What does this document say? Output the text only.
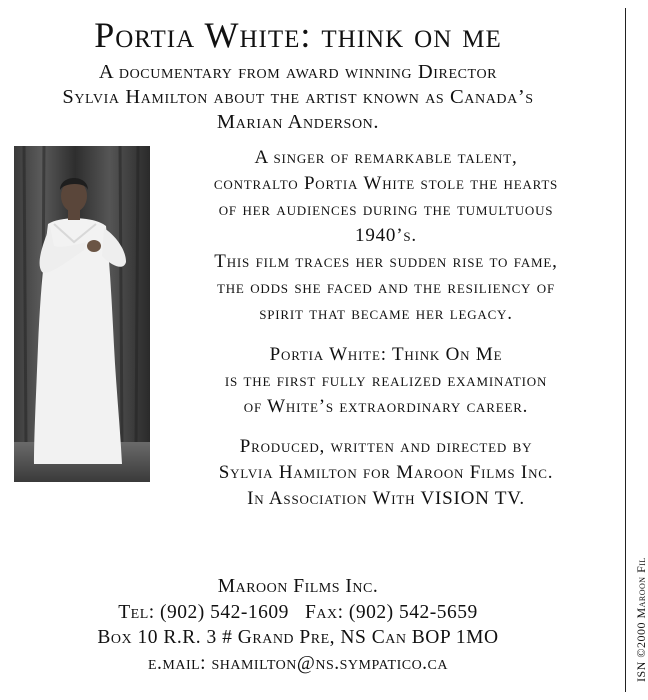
Portia White: think on me
A documentary from award winning Director
Sylvia Hamilton about the artist known as Canada’s
Marian Anderson.
A singer of remarkable talent,
contralto Portia White stole the hearts
of her audiences during the tumultuous
1940’s.
This film traces her sudden rise to fame,
the odds she faced and the resiliency of
spirit that became her legacy.
Portia White: Think On Me
is the first fully realized examination
of White’s extraordinary career.
Produced, written and directed by
Sylvia Hamilton for Maroon Films Inc.
In Association With VISION TV.
Maroon Films Inc.
Tel: (902) 542-1609   Fax: (902) 542-5659
Box 10 R.R. 3 # Grand Pre, NS Can BOP 1MO
e.mail: shamilton@ns.sympatico.ca	ISN ©2000 Maroon Fil
